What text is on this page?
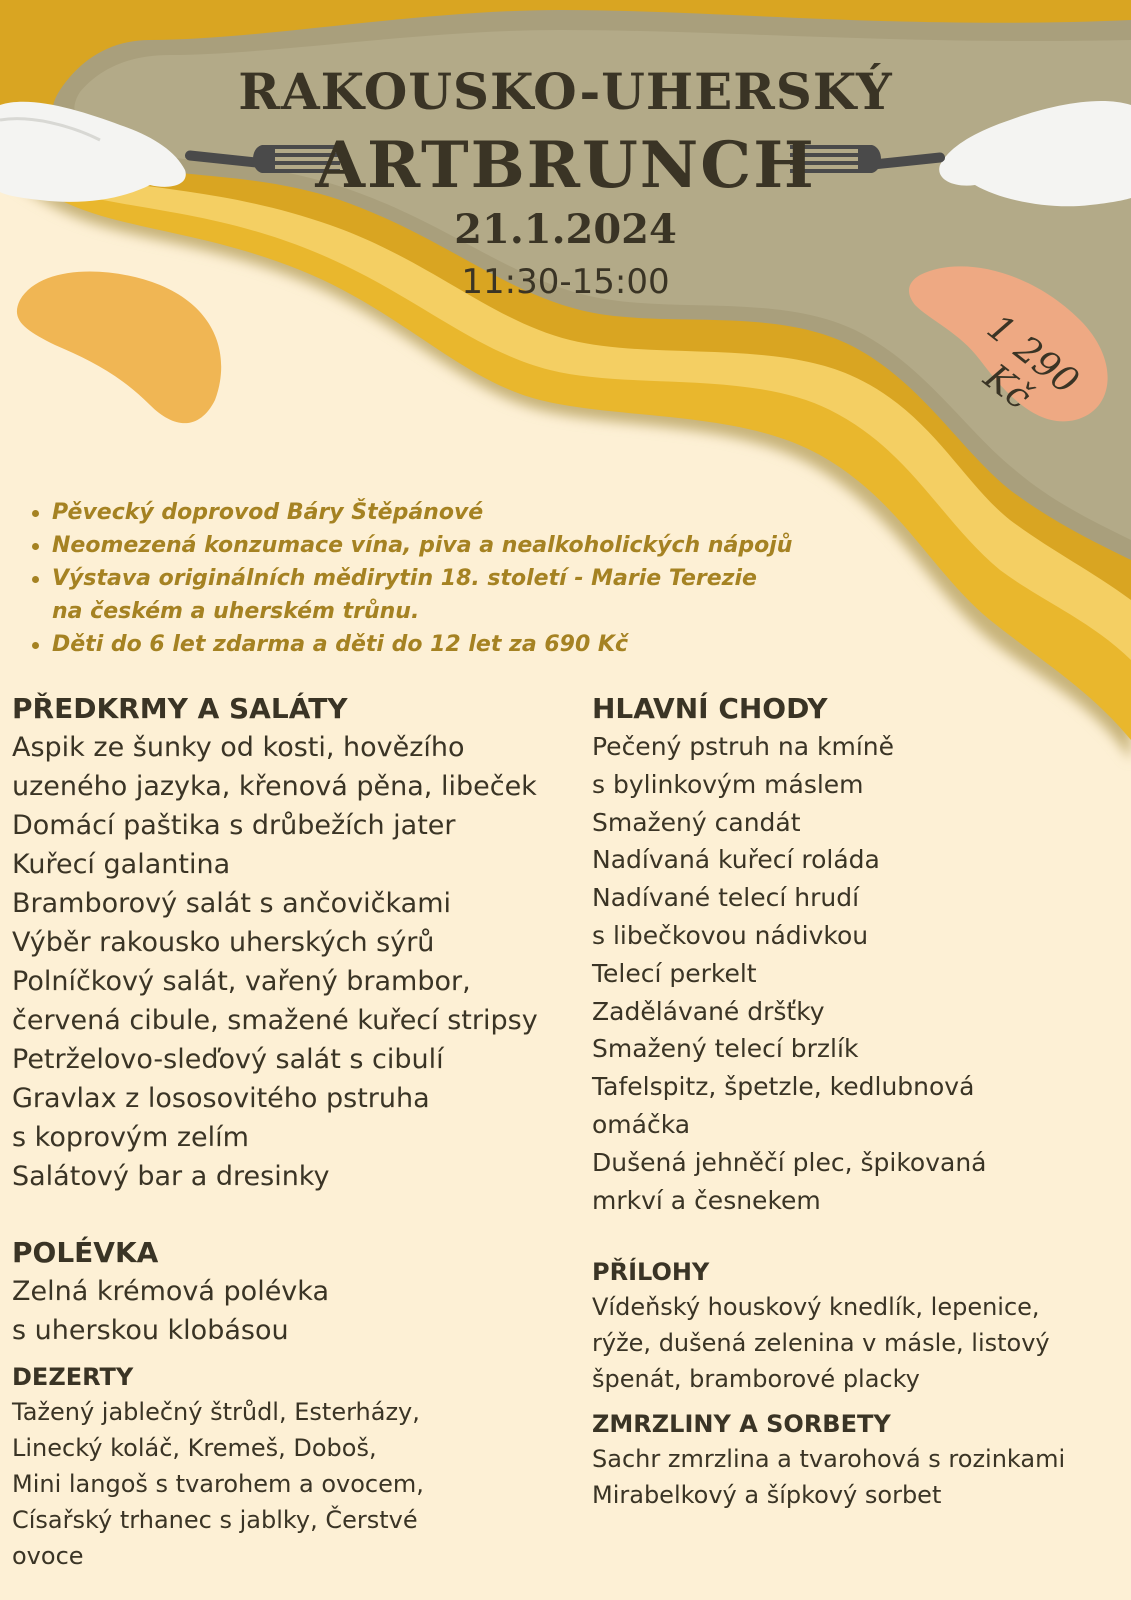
RAKOUSKO-UHERSKÝ
ARTBRUNCH
21.1.2024
11:30-15:00
1 290 Kč
Pěvecký doprovod Báry Štěpánové
Neomezená konzumace vína, piva a nealkoholických nápojů
Výstava originálních mědirytin 18. století - Marie Terezie na českém a uherském trůnu.
Děti do 6 let zdarma a děti do 12 let za 690 Kč
PŘEDKRMY A SALÁTY
Aspik ze šunky od kosti, hovězího
uzeného jazyka, křenová pěna, libeček
Domácí paštika s drůbežích jater
Kuřecí galantina
Bramborový salát s ančovičkami
Výběr rakousko uherských sýrů
Polníčkový salát, vařený brambor,
červená cibule, smažené kuřecí stripsy
Petrželovo-sleďový salát s cibulí
Gravlax z lososovitého pstruha
s koprovým zelím
Salátový bar a dresinky
POLÉVKA
Zelná krémová polévka
s uherskou klobásou
DEZERTY
Tažený jablečný štrůdl, Esterházy,
Linecký koláč, Kremeš, Doboš,
Mini langoš s tvarohem a ovocem,
Císařský trhanec s jablky, Čerstvé
ovoce
HLAVNÍ CHODY
Pečený pstruh na kmíně
s bylinkovým máslem
Smažený candát
Nadívaná kuřecí roláda
Nadívané telecí hrudí
s libečkovou nádivkou
Telecí perkelt
Zadělávané dršťky
Smažený telecí brzlík
Tafelspitz, špetzle, kedlubnová
omáčka
Dušená jehněčí plec, špikovaná
mrkví a česnekem
PŘÍLOHY
Vídeňský houskový knedlík, lepenice,
rýže, dušená zelenina v másle, listový
špenát, bramborové placky
ZMRZLINY A SORBETY
Sachr zmrzlina a tvarohová s rozinkami
Mirabelkový a šípkový sorbet
